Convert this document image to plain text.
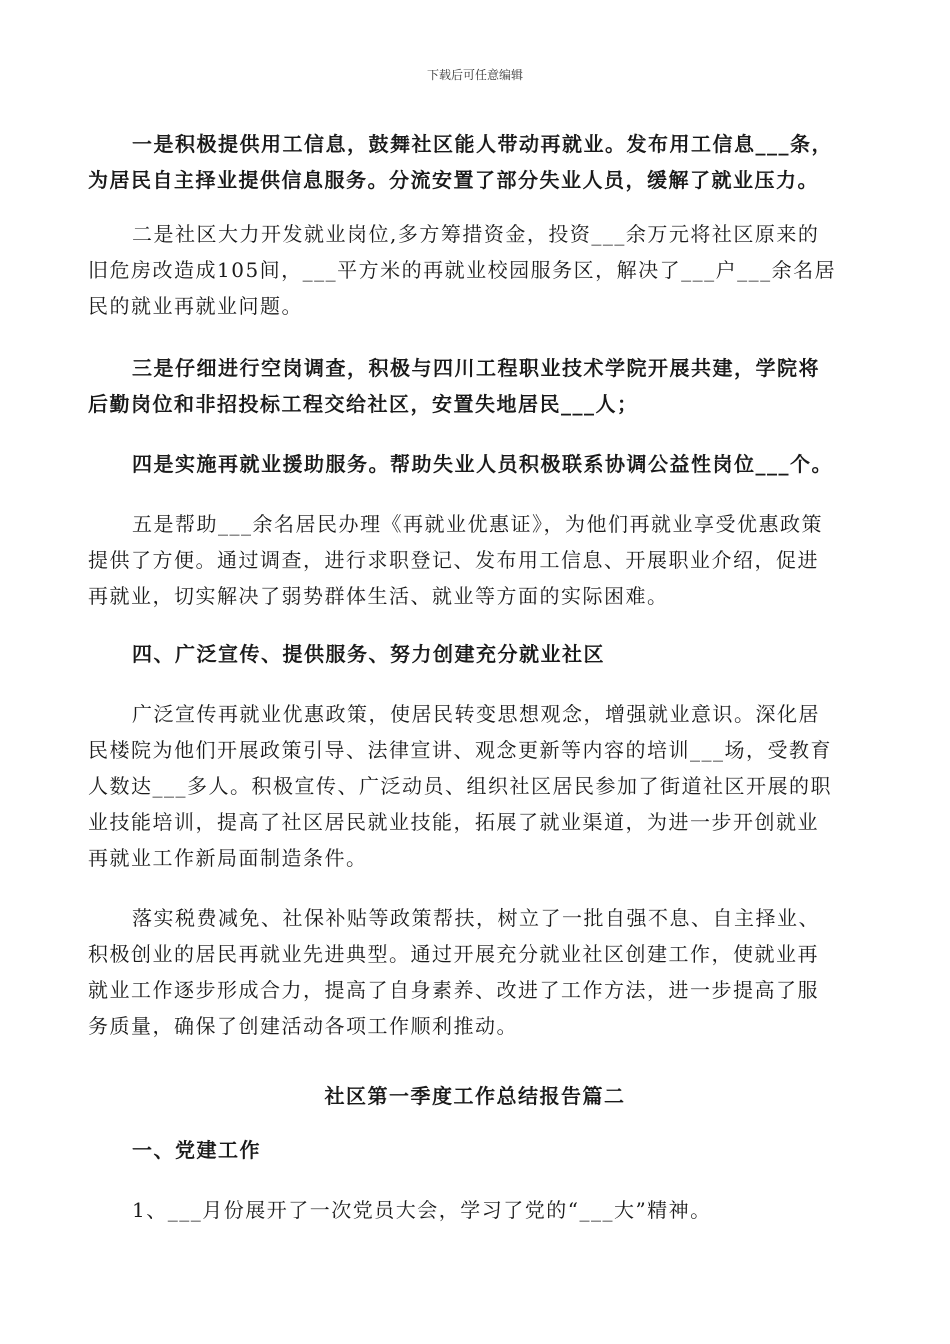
下载后可任意编辑
一是积极提供用工信息，鼓舞社区能人带动再就业。发布用工信息___条，
为居民自主择业提供信息服务。分流安置了部分失业人员，缓解了就业压力。
二是社区大力开发就业岗位,多方筹措资金，投资___余万元将社区原来的
旧危房改造成105间，___平方米的再就业校园服务区，解决了___户___余名居
民的就业再就业问题。
三是仔细进行空岗调查，积极与四川工程职业技术学院开展共建，学院将
后勤岗位和非招投标工程交给社区，安置失地居民___人；
四是实施再就业援助服务。帮助失业人员积极联系协调公益性岗位___个。
五是帮助___余名居民办理《再就业优惠证》，为他们再就业享受优惠政策
提供了方便。通过调查，进行求职登记、发布用工信息、开展职业介绍，促进
再就业，切实解决了弱势群体生活、就业等方面的实际困难。
四、广泛宣传、提供服务、努力创建充分就业社区
广泛宣传再就业优惠政策，使居民转变思想观念，增强就业意识。深化居
民楼院为他们开展政策引导、法律宣讲、观念更新等内容的培训___场，受教育
人数达___多人。积极宣传、广泛动员、组织社区居民参加了街道社区开展的职
业技能培训，提高了社区居民就业技能，拓展了就业渠道，为进一步开创就业
再就业工作新局面制造条件。
落实税费减免、社保补贴等政策帮扶，树立了一批自强不息、自主择业、
积极创业的居民再就业先进典型。通过开展充分就业社区创建工作，使就业再
就业工作逐步形成合力，提高了自身素养、改进了工作方法，进一步提高了服
务质量，确保了创建活动各项工作顺利推动。
社区第一季度工作总结报告篇二
一、党建工作
1、___月份展开了一次党员大会，学习了党的“___大”精神。
